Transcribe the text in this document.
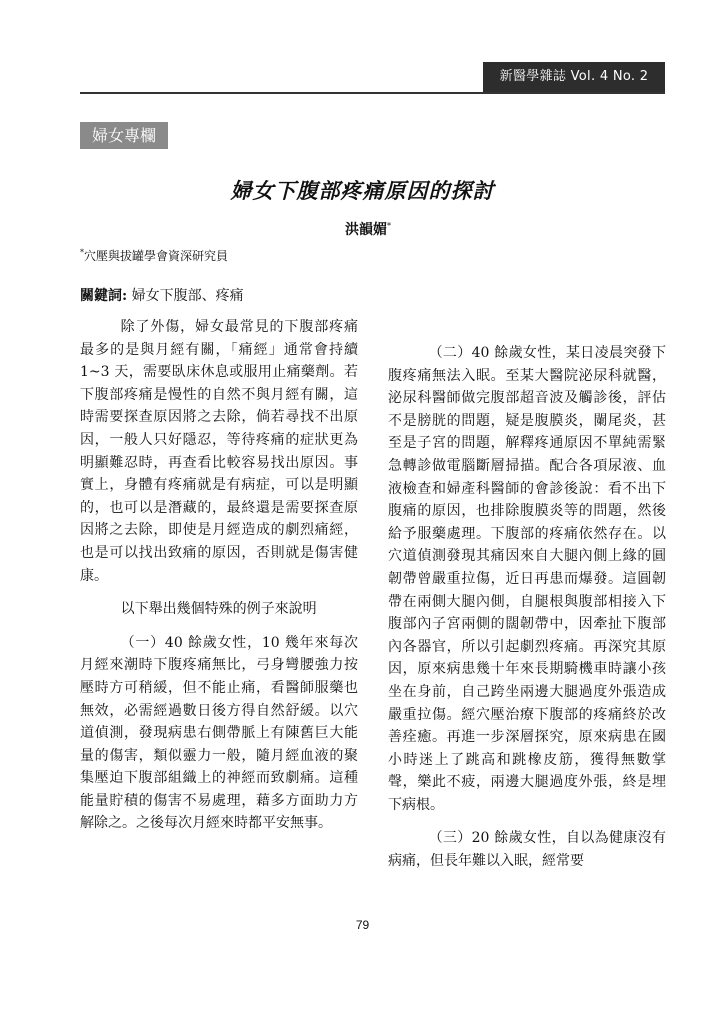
新醫學雜誌 Vol. 4 No. 2
婦女專欄
婦女下腹部疼痛原因的探討
洪韻媚*
*穴壓與拔罐學會資深研究員
關鍵詞: 婦女下腹部、疼痛

除了外傷，婦女最常見的下腹部疼痛最多的是與月經有關，「痛經」通常會持續 1~3 天，需要臥床休息或服用止痛藥劑。若下腹部疼痛是慢性的自然不與月經有關，這時需要探查原因將之去除，倘若尋找不出原因，一般人只好隱忍，等待疼痛的症狀更為明顯難忍時，再查看比較容易找出原因。事實上，身體有疼痛就是有病症，可以是明顯的，也可以是潛藏的，最終還是需要探查原因將之去除，即使是月經造成的劇烈痛經，也是可以找出致痛的原因，否則就是傷害健康。

以下舉出幾個特殊的例子來說明

（一）40 餘歲女性，10 幾年來每次月經來潮時下腹疼痛無比，弓身彎腰強力按壓時方可稍緩，但不能止痛，看醫師服藥也無效，必需經過數日後方得自然舒緩。以穴道偵測，發現病患右側帶脈上有陳舊巨大能量的傷害，類似靈力一般，隨月經血液的聚集壓迫下腹部組織上的神經而致劇痛。這種能量貯積的傷害不易處理，藉多方面助力方解除之。之後每次月經來時都平安無事。

（二）40 餘歲女性，某日凌晨突發下腹疼痛無法入眠。至某大醫院泌尿科就醫，泌尿科醫師做完腹部超音波及觸診後，評估不是膀胱的問題，疑是腹膜炎，闌尾炎，甚至是子宮的問題，解釋疼通原因不單純需緊急轉診做電腦斷層掃描。配合各項尿液、血液檢查和婦產科醫師的會診後說：看不出下腹痛的原因，也排除腹膜炎等的問題，然後給予服藥處理。下腹部的疼痛依然存在。以穴道偵測發現其痛因來自大腿內側上緣的圓韌帶曾嚴重拉傷，近日再患而爆發。這圓韌帶在兩側大腿內側，自腿根與腹部相接入下腹部內子宮兩側的闊韌帶中，因牽扯下腹部內各器官，所以引起劇烈疼痛。再深究其原因，原來病患幾十年來長期騎機車時讓小孩坐在身前，自己跨坐兩邊大腿過度外張造成嚴重拉傷。經穴壓治療下腹部的疼痛終於改善痊癒。再進一步深層探究，原來病患在國小時迷上了跳高和跳橡皮筋，獲得無數掌聲，樂此不疲，兩邊大腿過度外張，終是埋下病根。

（三）20 餘歲女性，自以為健康沒有病痛，但長年難以入眠，經常要

79
